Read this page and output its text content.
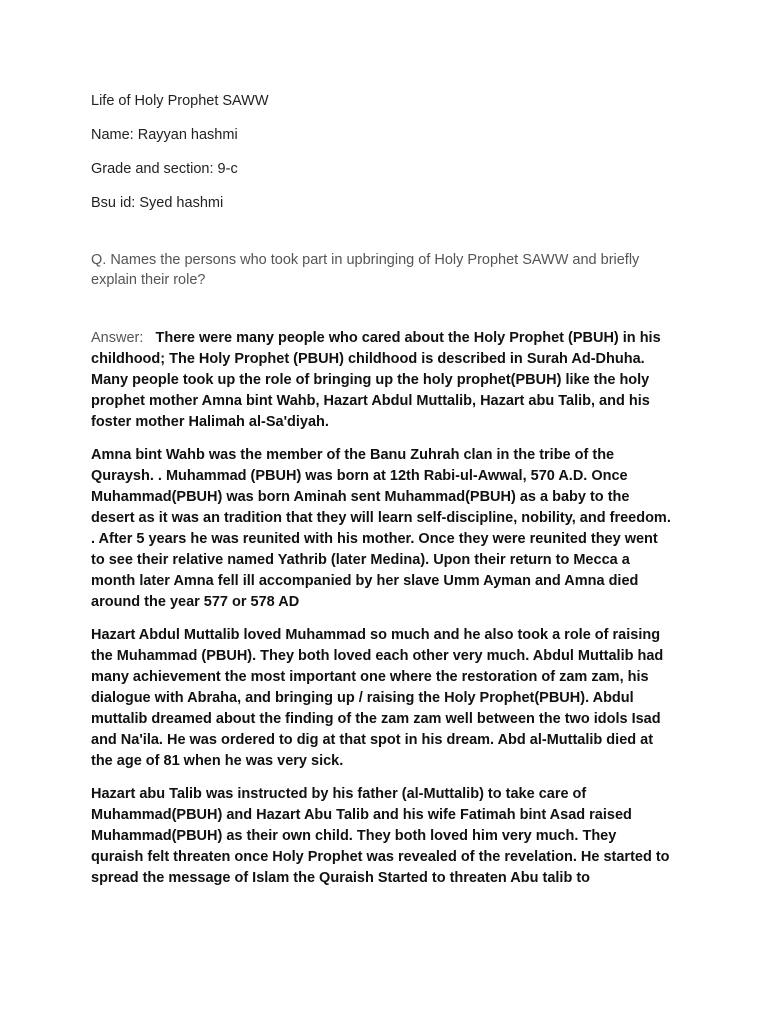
Life of Holy Prophet SAWW
Name: Rayyan hashmi
Grade and section: 9-c
Bsu id: Syed hashmi
Q. Names the persons who took part in upbringing of Holy Prophet SAWW and briefly explain their role?
Answer: There were many people who cared about the Holy Prophet (PBUH) in his childhood; The Holy Prophet (PBUH) childhood is described in Surah Ad-Dhuha. Many people took up the role of bringing up the holy prophet(PBUH) like the holy prophet mother Amna bint Wahb, Hazart Abdul Muttalib, Hazart abu Talib, and his foster mother Halimah al-Sa'diyah.
Amna bint Wahb was the member of the Banu Zuhrah clan in the tribe of the Quraysh. . Muhammad (PBUH) was born at 12th Rabi-ul-Awwal, 570 A.D. Once Muhammad(PBUH) was born Aminah sent Muhammad(PBUH) as a baby to the desert as it was an tradition that they will learn self-discipline, nobility, and freedom. . After 5 years he was reunited with his mother. Once they were reunited they went to see their relative named Yathrib (later Medina). Upon their return to Mecca a month later Amna fell ill accompanied by her slave Umm Ayman and Amna died around the year 577 or 578 AD
Hazart Abdul Muttalib loved Muhammad so much and he also took a role of raising the Muhammad (PBUH). They both loved each other very much. Abdul Muttalib had many achievement the most important one where the restoration of zam zam, his dialogue with Abraha, and bringing up / raising the Holy Prophet(PBUH). Abdul muttalib dreamed about the finding of the zam zam well between the two idols Isad and Na'ila. He was ordered to dig at that spot in his dream. Abd al-Muttalib died at the age of 81 when he was very sick.
Hazart abu Talib was instructed by his father (al-Muttalib) to take care of Muhammad(PBUH) and Hazart Abu Talib and his wife Fatimah bint Asad raised Muhammad(PBUH) as their own child. They both loved him very much. They quraish felt threaten once Holy Prophet was revealed of the revelation. He started to spread the message of Islam the Quraish Started to threaten Abu talib to
